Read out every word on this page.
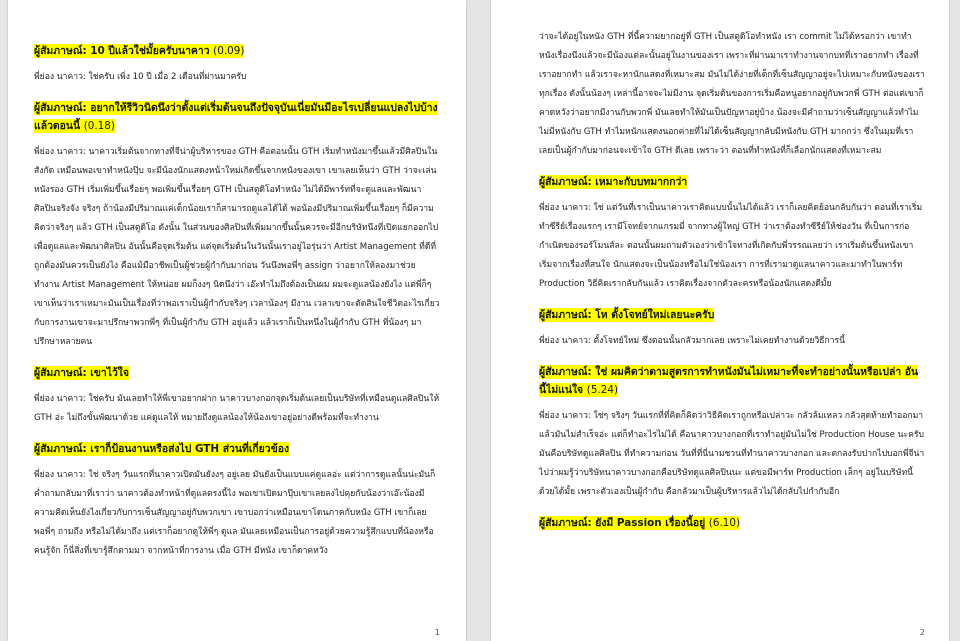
ผู้สัมภาษณ์: 10 ปีแล้วใช่มั้ยครับนาคาว (0.09)

พี่ย่อง นาคาว: ใช่ครับ เพิ่ง 10 ปี เมื่อ 2 เดือนที่ผ่านมาครับ

ผู้สัมภาษณ์: อยากให้รีวิวนิดนึงว่าตั้งแต่เริ่มต้นจนถึงปัจจุบันเนี่ยมันมีอะไรเปลี่ยนแปลงไปบ้างแล้วตอนนี้ (0.18)

พี่ย่อง นาคาว: นาคาวเริ่มต้นจากทางที่จีน่าผู้บริหารของ GTH คือตอนนั้น GTH เริ่มทำหนังมาขึ้นแล้วมีศิลปินในสังกัด เหมือนพอเขาทำหนังปุ๊บ จะมีน้องนักแสดงหน้าใหม่เกิดขึ้นจากหนังของเขา เขาเลยเห็นว่า GTH ว่าจะเล่นหนังรอง GTH เริ่มเพิ่มขึ้นเรื่อยๆ พอเพิ่มขึ้นเรื่อยๆ GTH เป็นสตูดิโอทำหนัง ไม่ได้มีพาร์ทที่จะดูแลและพัฒนาศิลปินจริงจัง จริงๆ ถ้าน้องมีปริมาณแค่เด็กน้อยเราก็สามารถดูแลได้ได้ พอน้องมีปริมาณเพิ่มขึ้นเรื่อยๆ ก็มีความคิดว่าจริงๆ แล้ว GTH เป็นสตูดิโอ ดังนั้น ในส่วนของศิลปินที่เพิ่มมากขึ้นนั้นควรจะมีอีกบริษัทนึงที่เปิดแยกออกไปเพื่อดูแลและพัฒนาศิลปิน อันนั้นคือจุดเริ่มต้น แต่จุดเริ่มต้นในวันนั้นเราอยู่ไอรุ่นว่า Artist Management ที่ดีที่ถูกต้องมันควรเป็นยังไง คือแม้มือาชีพเป็นผู้ช่วยผู้กำกับมาก่อน วันนึงพอพี่ๆ assign ว่าอยากให้ลองมาช่วยทำงาน Artist Management ให้หน่อย ผมก็งงๆ นิดนึงว่า เอ๊ะทำไมถึงต้องเป็นผม ผมจะดูแลน้องยังไง แต่พี่ก็ๆ เขาเห็นว่าเราเหมาะมันเป็นเรื่องที่ว่าพอเราเป็นผู้กำกับจริงๆ เวลาน้องๆ มีงาน เวลาเขาจะตัดสินใจชีวิตอะไรเกี่ยวกับการงานเขาจะมาปรึกษาพวกพี่ๆ ที่เป็นผู้กำกับ GTH อยู่แล้ว แล้วเราก็เป็นหนึ่งในผู้กำกับ GTH ที่น้องๆ มาปรึกษาหลายคน

ผู้สัมภาษณ์: เขาไว้ใจ

พี่ย่อง นาคาว: ใช่ครับ มันเลยทำให้พี่เขาอยากฝาก นาคาวบางกอกจุดเริ่มต้นเลยเป็นบริษัทที่เหมือนดูแลศิลปินให้ GTH อ่ะ ไม่ถึงขั้นพัฒนาด้วย แค่ดูแลให้ หมายถึงดูแลน้องให้น้องเขาอยู่อย่างดีพร้อมที่จะทำงาน

ผู้สัมภาษณ์: เราก็ป้อนงานหรือส่งไป GTH ส่วนที่เกี่ยวข้อง

พี่ย่อง นาคาว: ใช่ จริงๆ วันแรกที่นาคาวเปิดมันยังงๆ อยู่เลย มันยังเป็นแบบแค่ดูแลอ่ะ แต่ว่าการดูแลนั้นน่ะมันก็ค่ำถามกลับมาที่เราว่า นาคาวต้องทำหน้าที่ดูแลตรงนี้ไง พอเขาเปิดมาปุ๊บเขาเลยลงไปคุยกับน้องว่าเอ๊ะน้องมีความคิดเห็นยังไงเกี่ยวกับการเซ็นสัญญาอยู่กับพวกเขา เขาบอกว่าเหมือนเขาโดนภาคกับหนัง GTH เขาก็เลย พอพี่ๆ ถามถึง หรือไม่ได้มาถึง แต่เราก็อยากดูให้พี่ๆ ดูแล มันเลยเหมือนเป็นการอยู่ด้วยความรู้สึกแบบที่น้องหรือคนรู้จัก ก็นี่สิ่งที่เขารู้สึกตามมา จากหน้าที่การงาน เมื่อ GTH มีหนัง เขาก็ดาคหวัง

1

ว่าจะได้อยู่ในหนัง GTH ที่นี้ความยากอยู่ที่ GTH เป็นสตูดิโอทำหนัง เรา commit ไม่ได้หรอกว่า เขาทำหนังเรื่องนึงแล้วจะมีน้องแต่ละนั้นอยู่ในงานของเรา เพราะที่ผ่านมาเราทำงานจากบทที่เราอยากทำ เรื่องที่เราอยากทำ แล้วเราจะหานักแสดงที่เหมาะสม มันไม่ได้ง่ายที่เด็กที่เซ็นสัญญาอยู่จะไปเหมาะกับหนังของเราทุกเรื่อง ดังนั้นน้องๆ เหล่านี้อาจจะไม่มีงาน จุดเริ่มต้นของการเริ่มคือหนูอยากอยู่กับพวกพี่ GTH ต่อแต่เขาก็คาดหวังว่าอยากมีงานกับพวกพี่ มันเลยทำให้มันเป็นปัญหาอยู่บ้าง น้องจะมีคำถามว่าเซ็นสัญญาแล้วทำไมไม่มีหนังกับ GTH ทำไมหนักแสดงนอกค่ายที่ไม่ได้เซ็นสัญญากลับมีหนังกับ GTH มากกว่า ซึ่งในมุมที่เราเลยเป็นผู้กำกับมาก่อนจะเข้าใจ GTH ดีเลย เพราะว่า ตอนที่ทำหนังที่ก็เลือกนักแสดงที่เหมาะสม

ผู้สัมภาษณ์: เหมาะกับบทมากกว่า

พี่ย่อง นาคาว: ใช่ แต่วันที่เราเป็นนาคาวเราคิดแบบนั้นไม่ได้แล้ว เราก็เลยคิดย้อนกลับกันว่า ตอนที่เราเริ่มทำซีรีย์เรื่องแรกๆ เรามีโจทย์จากแกรมมี่ จากทางผู้ใหญ่ GTH ว่าเราต้องทำซีรีย์ให้ช่องวัน ที่เป็นการก่อกำเนิดของรอร์โมนส์ละ ตอนนั้นผมถามตัวเองว่าเข้าใจทางที่เกิดกับพี่วรรณเลยว่า เราเริ่มต้นขึ้นหนังเขาเริ่มจากเรื่องที่สนใจ นักแสดงจะเป็นน้องหรือไม่ใช่น้องเรา การที่เรามาดูแลนาคาวและมาทำในพาร์ท Production วิธีคิดเรากลับกันแล้ว เราคิดเรื่องจากตัวละครหรือน้องนักแสดงดีมั้ย

ผู้สัมภาษณ์: โห ตั้งโจทย์ใหม่เลยนะครับ

พี่ย่อง นาคาว: ตั้งโจทย์ใหม่ ซึ่งตอนนั้นกลัวมากเลย เพราะไม่เคยทำงานด้วยวิธีการนี้

ผู้สัมภาษณ์: ใช่ ผมคิดว่าตามสูตรการทำหนังมันไม่เหมาะที่จะทำอย่างนั้นหรือเปล่า อันนี้ไม่แน่ใจ (5.24)

พี่ย่อง นาคาว: ใช่ๆ จริงๆ วันแรกที่ที่คิดก็คิดว่าวิธีคิดเราถูกหรือเปล่าวะ กลัวล้มเหลว กลัวสุดท้ายทำออกมาแล้วมันไม่สำเร็จอ่ะ แต่ก็ทำอะไรไม่ได้ คือนาคาวบางกอกที่เราทำอยู่มันไม่ใช่ Production House นะครับ มันคือบริษัทดูแลศิลปิน ที่ทำความก่อน วันที่ที่นี่นามชวนที่ทำนาคาวบางกอก และตกลงรับปากไปบอกพี่จีน่าไปว่าผมรู้ว่าบริษัทนาคาวบางกอกคือบริษัทดูแลศิลปินนะ แต่ขอมีพาร์ท Production เล็กๆ อยู่ในบริษัทนี้ด้วยได้มั้ย เพราะตัวเองเป็นผู้กำกับ คือกลัวมาเป็นผู้บริหารแล้วไม่ได้กลับไปกำกับอีก

ผู้สัมภาษณ์: ยังมี Passion เรื่องนี้อยู่ (6.10)

2
